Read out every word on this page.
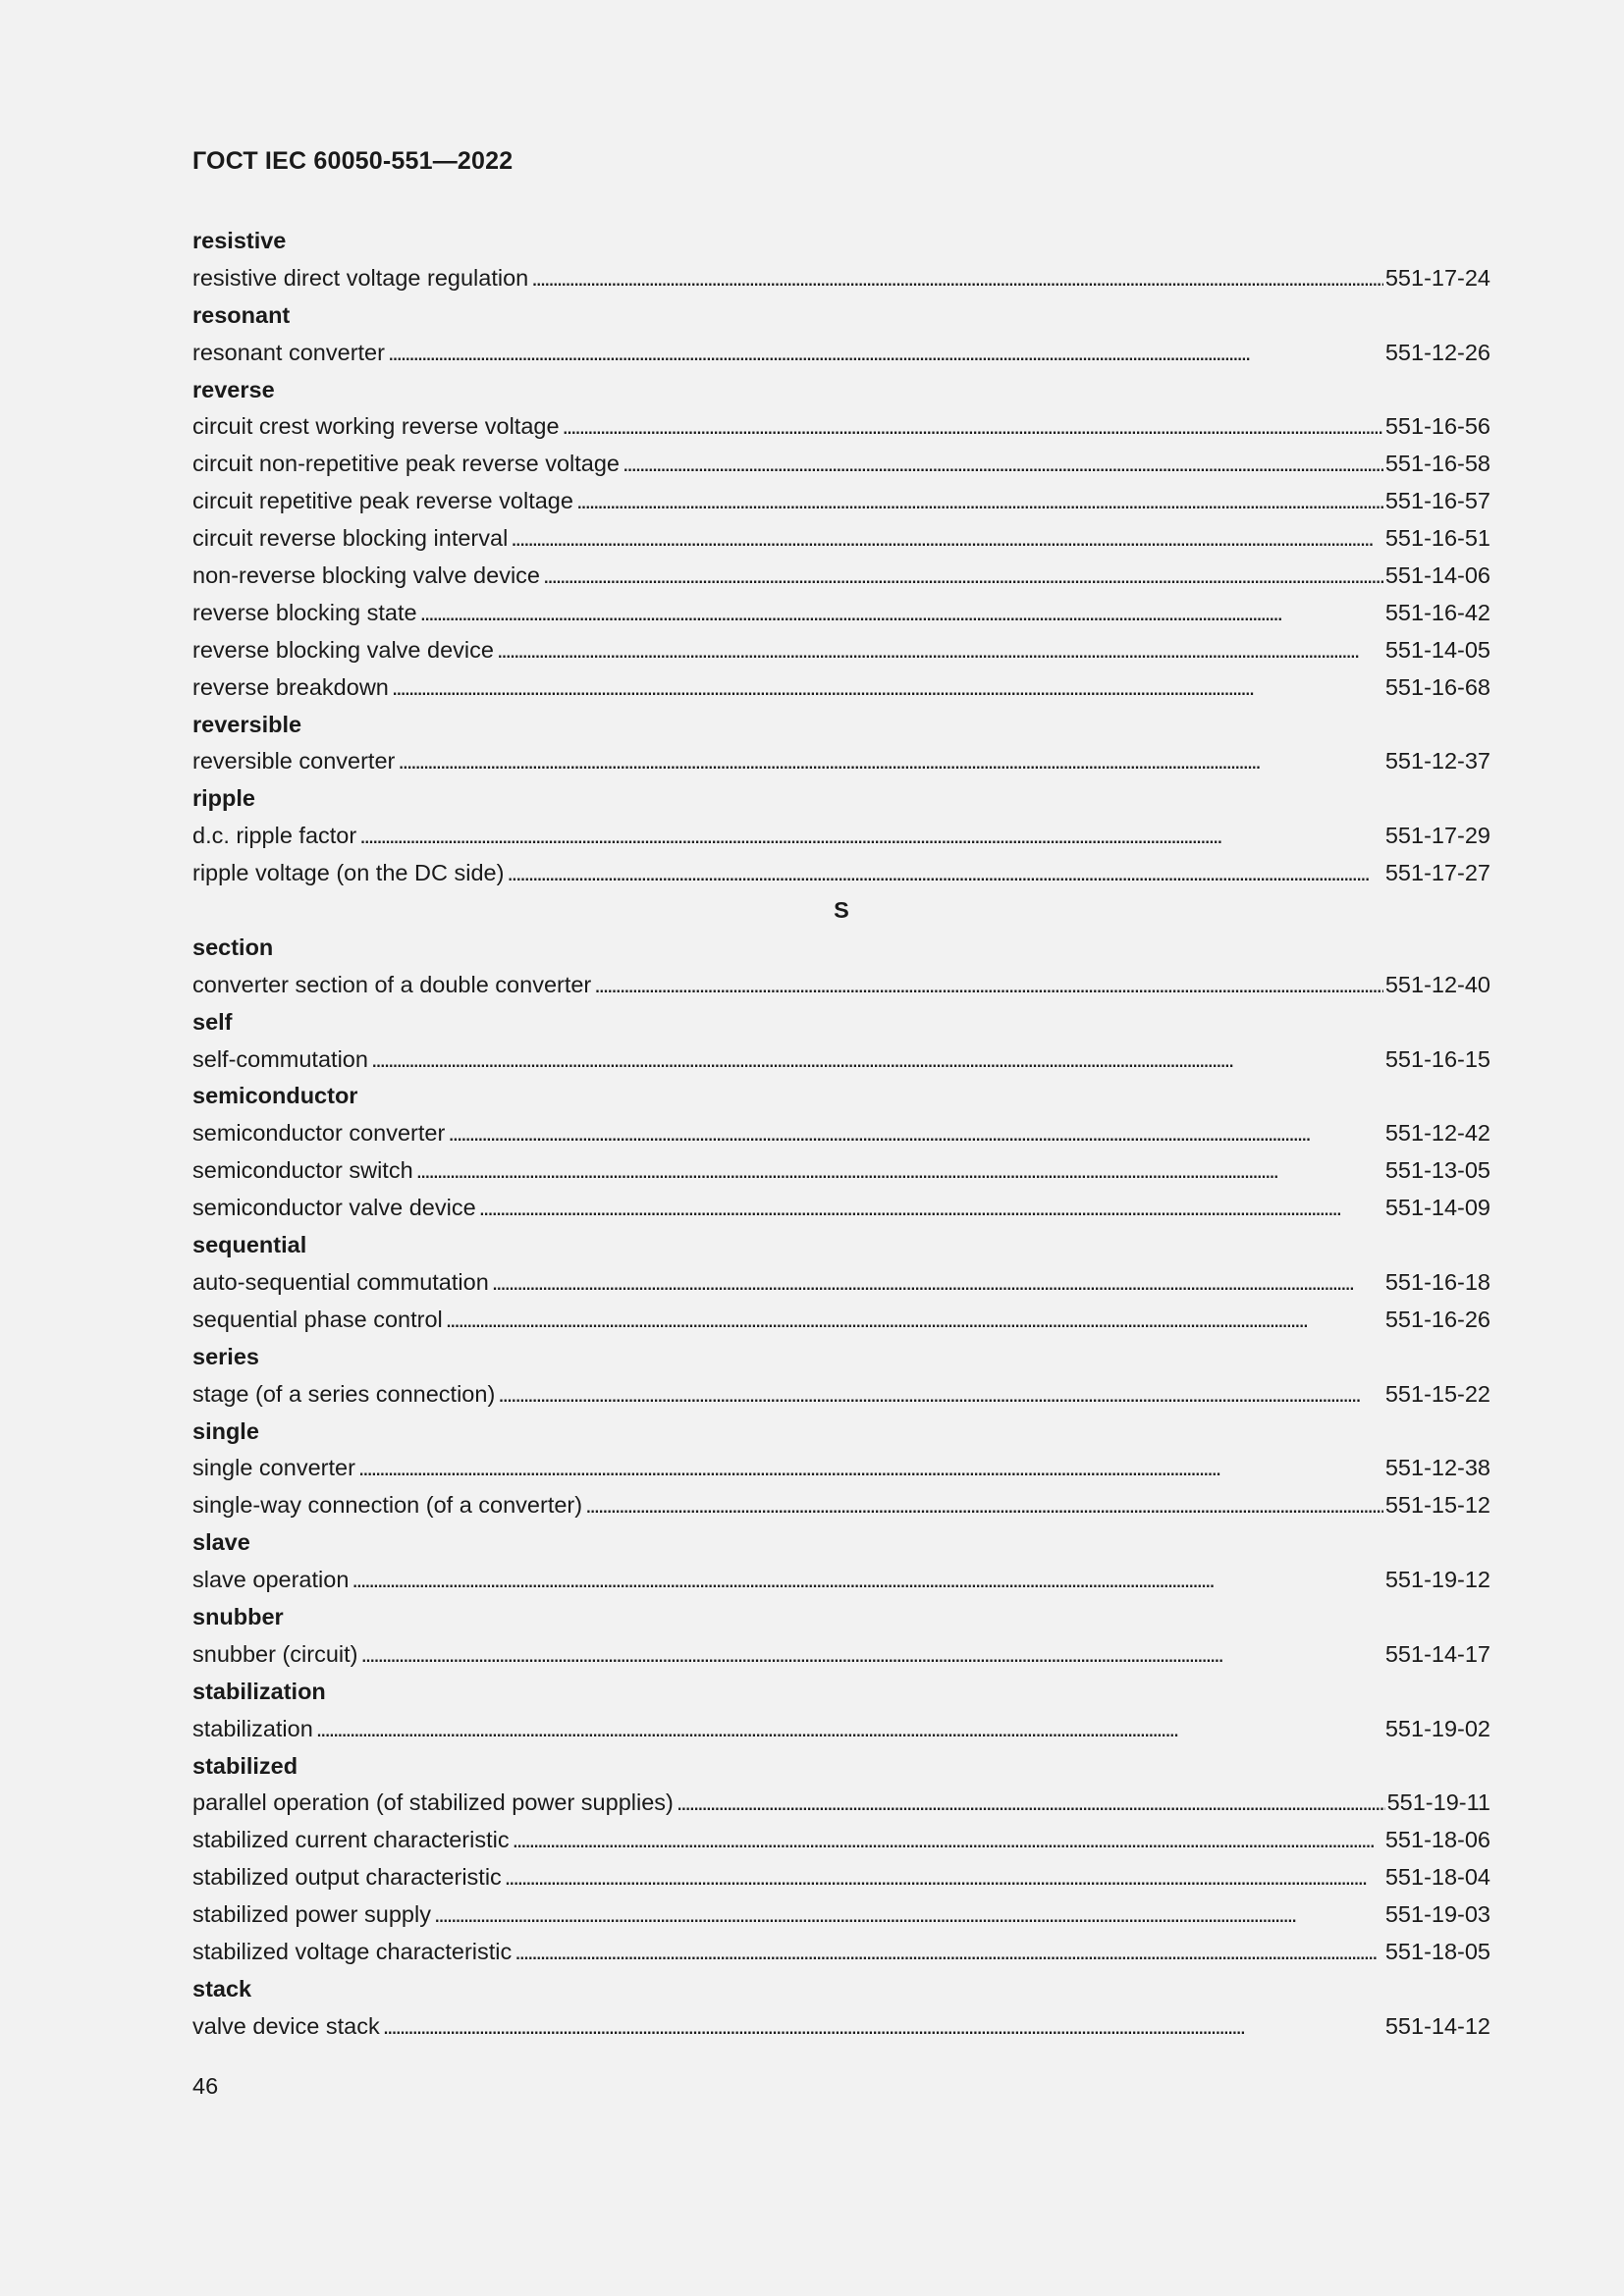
ГОСТ IEC 60050-551—2022
resistive
resistive direct voltage regulation . . .	551-17-24
resonant
resonant converter . . .	551-12-26
reverse
circuit crest working reverse voltage . . .	551-16-56
circuit non-repetitive peak reverse voltage . . .	551-16-58
circuit repetitive peak reverse voltage . . .	551-16-57
circuit reverse blocking interval . . .	551-16-51
non-reverse blocking valve device . . .	551-14-06
reverse blocking state . . .	551-16-42
reverse blocking valve device . . .	551-14-05
reverse breakdown . . .	551-16-68
reversible
reversible converter . . .	551-12-37
ripple
d.c. ripple factor . . .	551-17-29
ripple voltage (on the DC side) . . .	551-17-27
S
section
converter section of a double converter . . .	551-12-40
self
self-commutation . . .	551-16-15
semiconductor
semiconductor converter . . .	551-12-42
semiconductor switch . . .	551-13-05
semiconductor valve device . . .	551-14-09
sequential
auto-sequential commutation . . .	551-16-18
sequential phase control . . .	551-16-26
series
stage (of a series connection) . . .	551-15-22
single
single converter . . .	551-12-38
single-way connection (of a converter) . . .	551-15-12
slave
slave operation . . .	551-19-12
snubber
snubber (circuit) . . .	551-14-17
stabilization
stabilization . . .	551-19-02
stabilized
parallel operation (of stabilized power supplies) . . .	551-19-11
stabilized current characteristic . . .	551-18-06
stabilized output characteristic . . .	551-18-04
stabilized power supply . . .	551-19-03
stabilized voltage characteristic . . .	551-18-05
stack
valve device stack . . .	551-14-12
46
